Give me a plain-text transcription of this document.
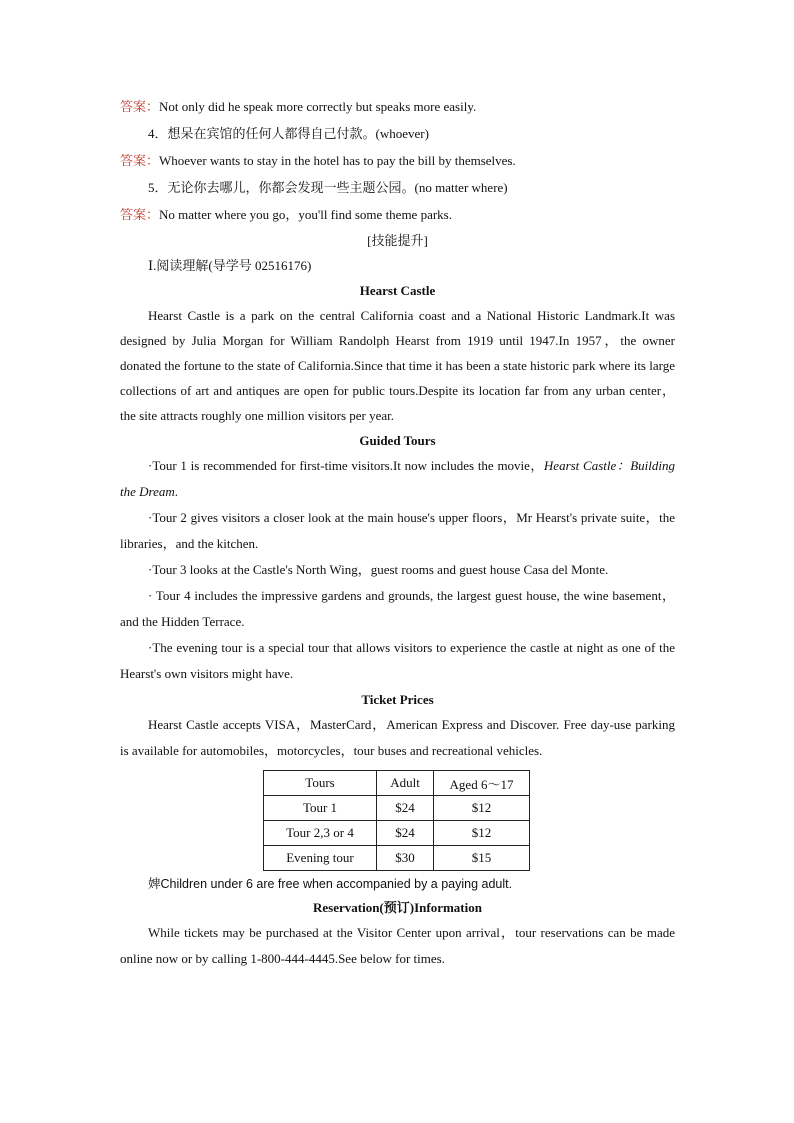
答案：Not only did he speak more correctly but speaks more easily.

4．想呆在宾馆的任何人都得自己付款。(whoever)

答案：Whoever wants to stay in the hotel has to pay the bill by themselves.

5．无论你去哪儿，你都会发现一些主题公园。(no matter where)

答案：No matter where you go，you'll find some theme parks.

[技能提升]

Ⅰ.阅读理解(导学号 02516176)

Hearst Castle

Hearst Castle is a park on the central California coast and a National Historic Landmark.It was designed by Julia Morgan for William Randolph Hearst from 1919 until 1947.In 1957，the owner donated the fortune to the state of California.Since that time it has been a state historic park where its large collections of art and antiques are open for public tours.Despite its location far from any urban center，the site attracts roughly one million visitors per year.

Guided Tours

·Tour 1 is recommended for first-time visitors.It now includes the movie，Hearst Castle：Building the Dream.

·Tour 2 gives visitors a closer look at the main house's upper floors，Mr Hearst's private suite，the libraries，and the kitchen.

·Tour 3 looks at the Castle's North Wing，guest rooms and guest house Casa del Monte.

· Tour 4 includes the impressive gardens and grounds, the largest guest house, the wine basement，and the Hidden Terrace.

·The evening tour is a special tour that allows visitors to experience the castle at night as one of the Hearst's own visitors might have.

Ticket Prices

Hearst Castle accepts VISA，MasterCard，American Express and Discover. Free day-use parking is available for automobiles，motorcycles，tour buses and recreational vehicles.

Tours	Adult	Aged 6～17
Tour 1	$24	$12
Tour 2,3 or 4	$24	$12
Evening tour	$30	$15

婢Children under 6 are free when accompanied by a paying adult.

Reservation(预订)Information

While tickets may be purchased at the Visitor Center upon arrival，tour reservations can be made online now or by calling 1-800-444-4445.See below for times.
